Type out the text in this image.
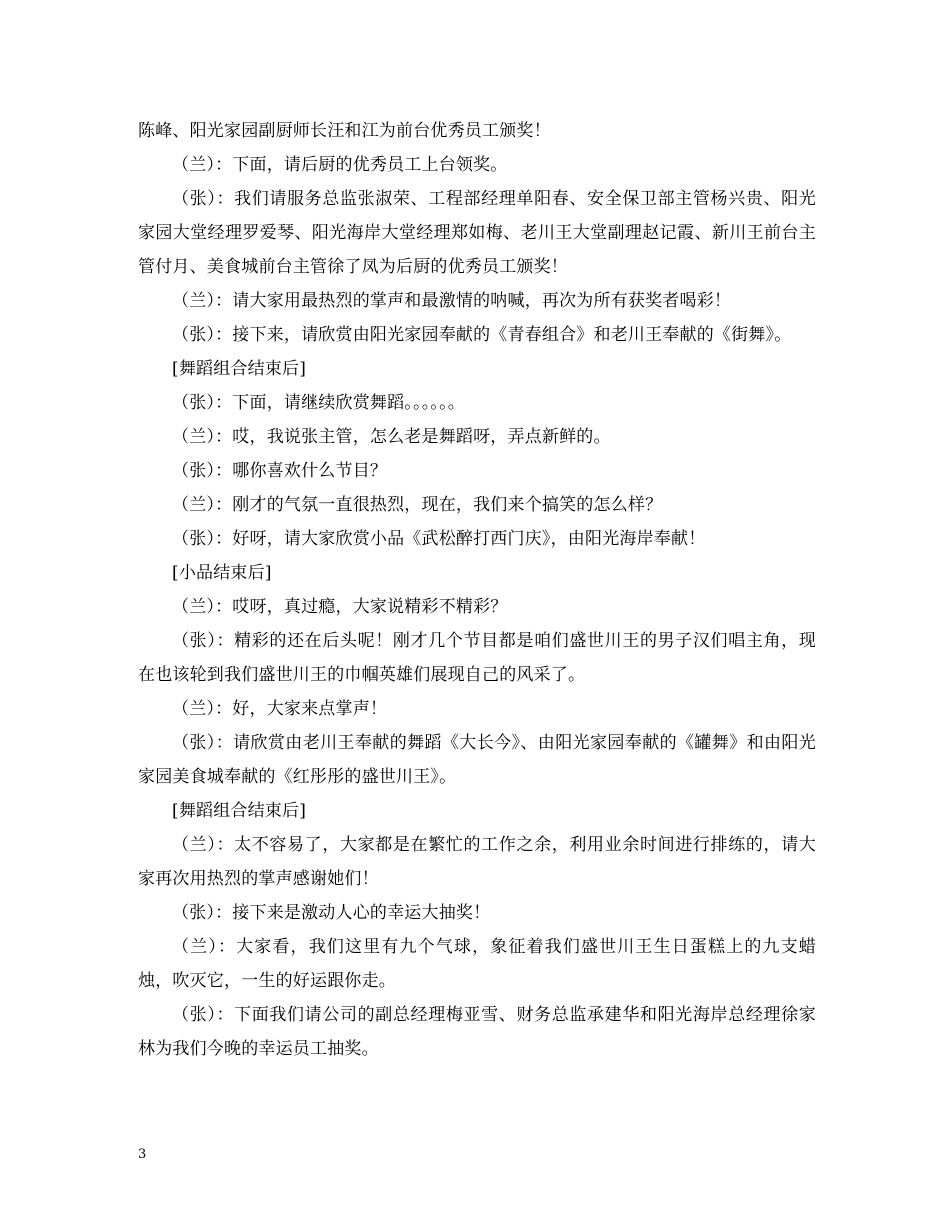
陈峰、阳光家园副厨师长汪和江为前台优秀员工颁奖！

（兰）：下面，请后厨的优秀员工上台领奖。

（张）：我们请服务总监张淑荣、工程部经理单阳春、安全保卫部主管杨兴贵、阳光家园大堂经理罗爱琴、阳光海岸大堂经理郑如梅、老川王大堂副理赵记霞、新川王前台主管付月、美食城前台主管徐了凤为后厨的优秀员工颁奖！

（兰）：请大家用最热烈的掌声和最激情的呐喊，再次为所有获奖者喝彩！

（张）：接下来，请欣赏由阳光家园奉献的《青春组合》和老川王奉献的《街舞》。

[舞蹈组合结束后]

（张）：下面，请继续欣赏舞蹈。。。。。。

（兰）：哎，我说张主管，怎么老是舞蹈呀，弄点新鲜的。

（张）：哪你喜欢什么节目？

（兰）：刚才的气氛一直很热烈，现在，我们来个搞笑的怎么样？

（张）：好呀，请大家欣赏小品《武松醉打西门庆》，由阳光海岸奉献！

[小品结束后]

（兰）：哎呀，真过瘾，大家说精彩不精彩？

（张）：精彩的还在后头呢！刚才几个节目都是咱们盛世川王的男子汉们唱主角，现在也该轮到我们盛世川王的巾帼英雄们展现自己的风采了。

（兰）：好，大家来点掌声！

（张）：请欣赏由老川王奉献的舞蹈《大长今》、由阳光家园奉献的《罐舞》和由阳光家园美食城奉献的《红彤彤的盛世川王》。

[舞蹈组合结束后]

（兰）：太不容易了，大家都是在繁忙的工作之余，利用业余时间进行排练的，请大家再次用热烈的掌声感谢她们！

（张）：接下来是激动人心的幸运大抽奖！

（兰）：大家看，我们这里有九个气球，象征着我们盛世川王生日蛋糕上的九支蜡烛，吹灭它，一生的好运跟你走。

（张）：下面我们请公司的副总经理梅亚雪、财务总监承建华和阳光海岸总经理徐家林为我们今晚的幸运员工抽奖。

3
